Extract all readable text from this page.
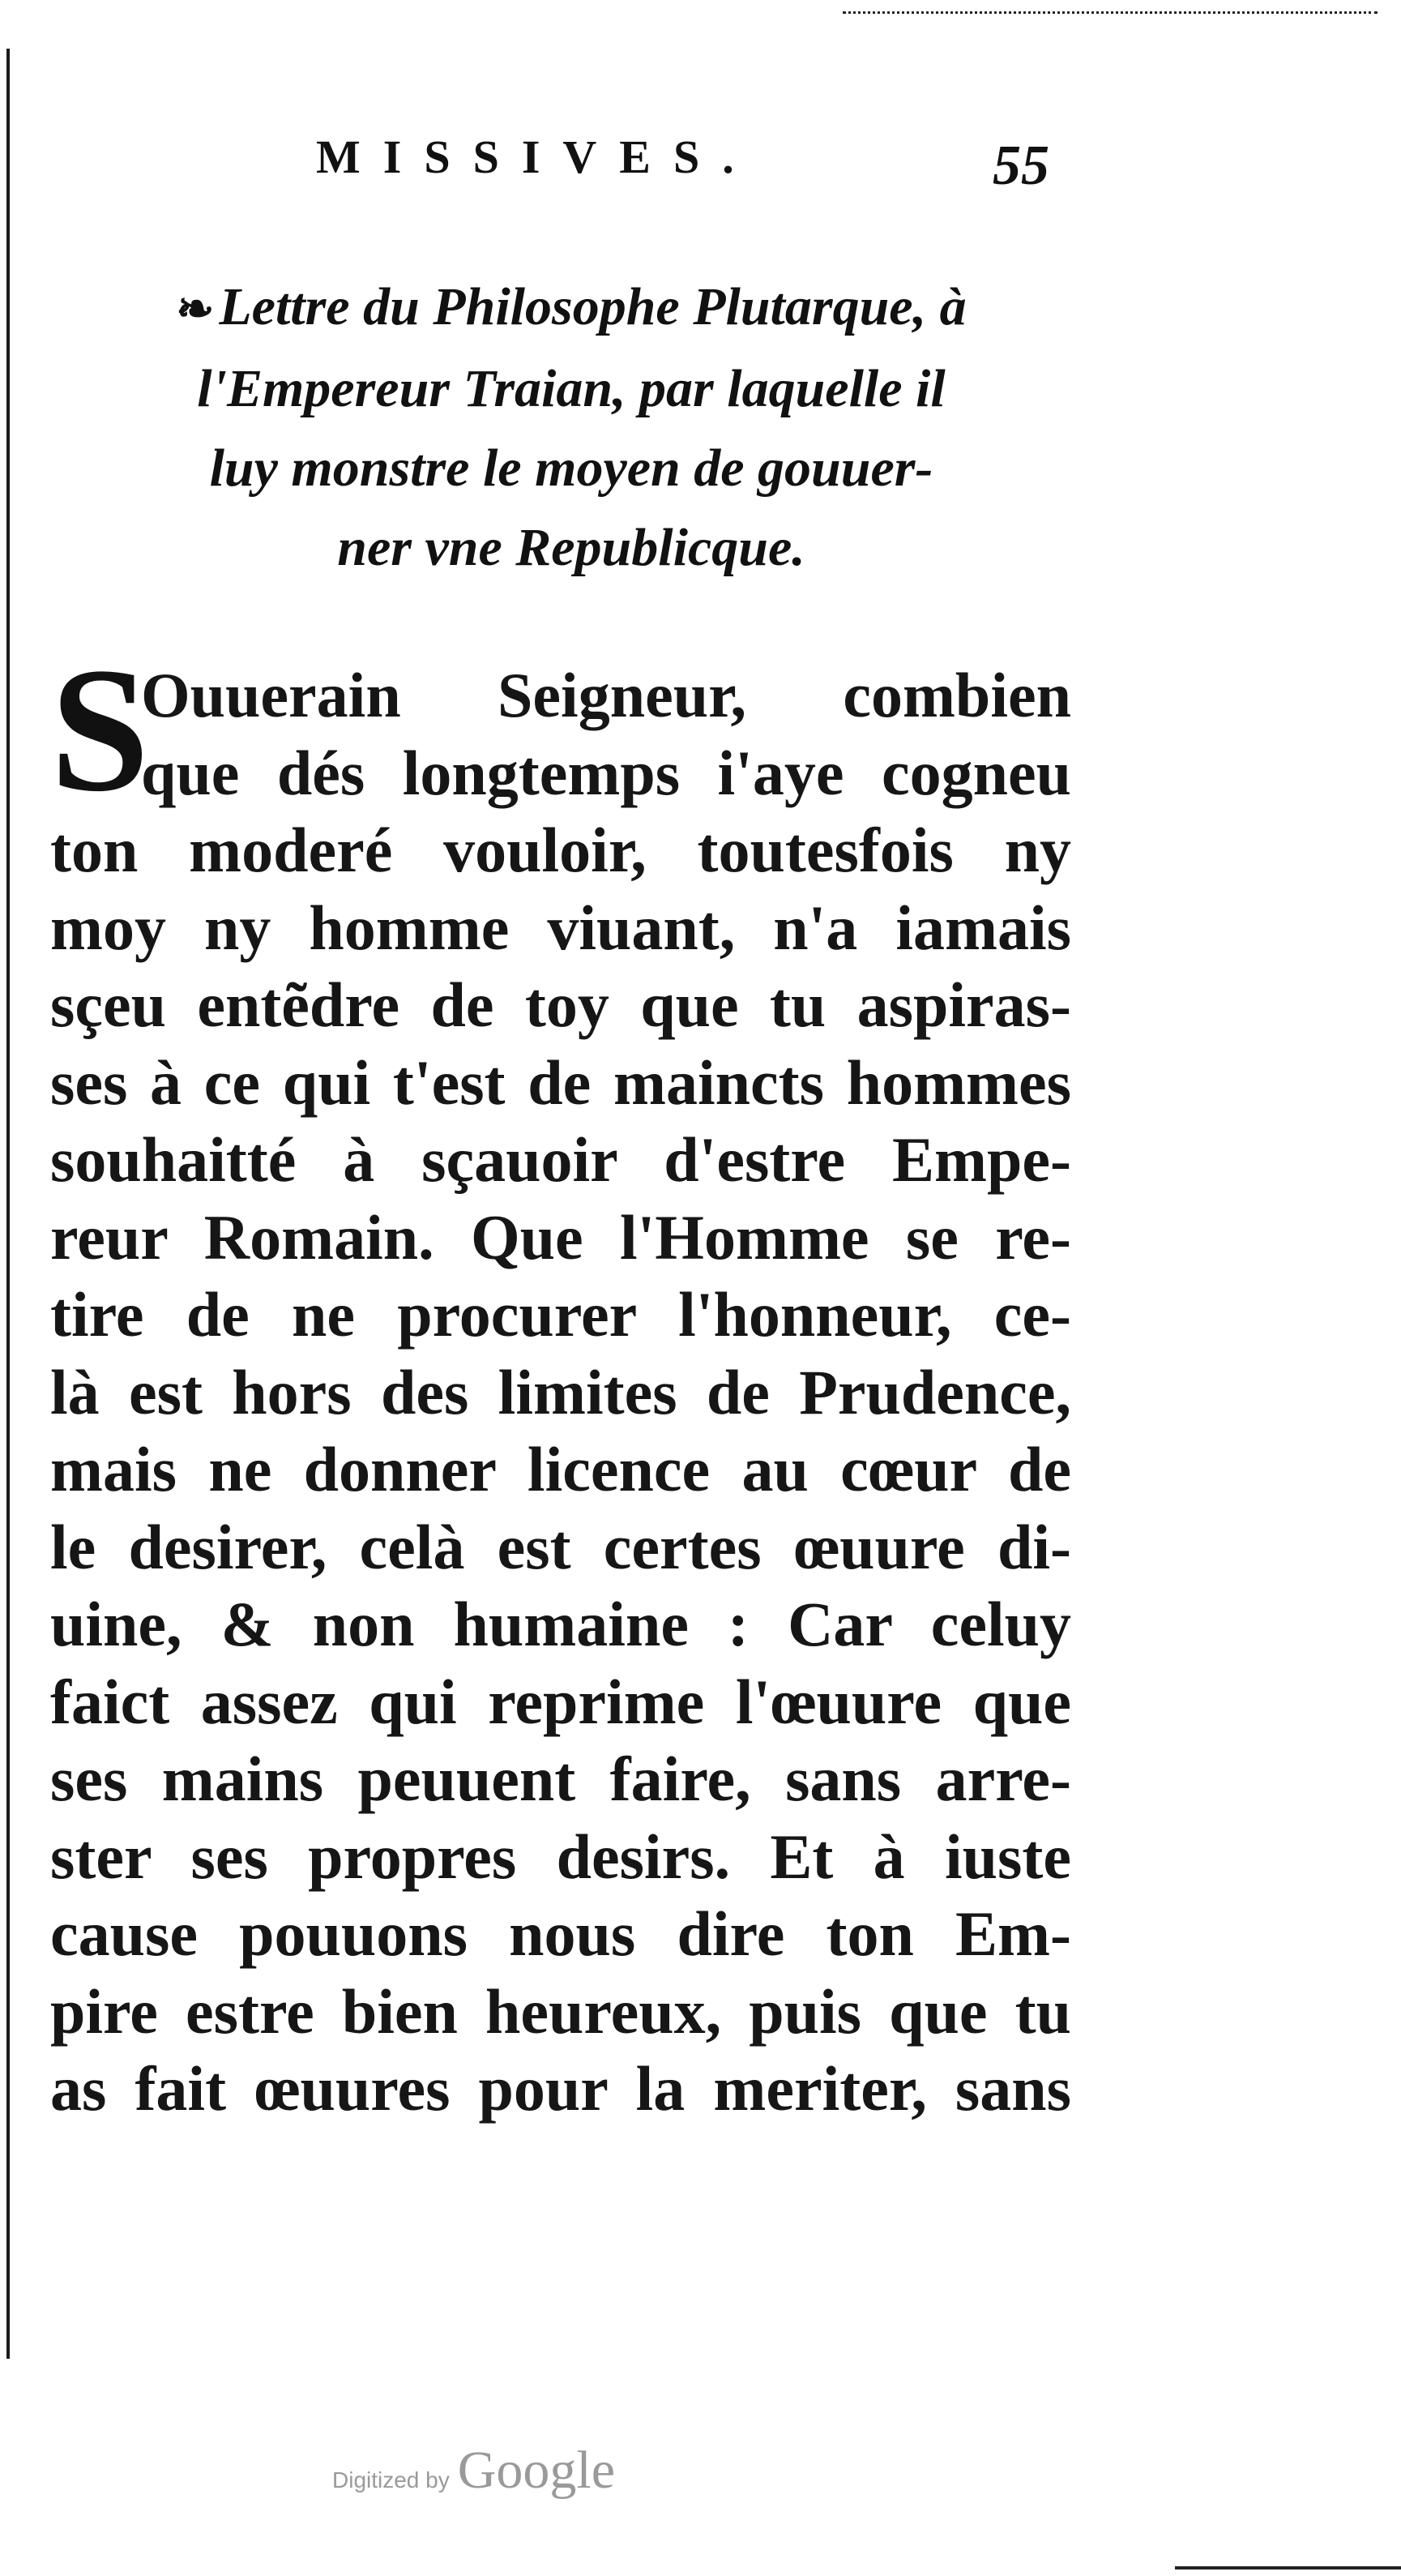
MISSIVES.	55
❧Lettre du Philosophe Plutarque, à
l'Empereur Traian, par laquelle il
luy monstre le moyen de gouuer-
ner vne Republicque.
S
Ouuerain Seigneur, combien
que dés longtemps i'aye cogneu
ton moderé vouloir, toutesfois ny
moy ny homme viuant, n'a iamais
sçeu entẽdre de toy que tu aspiras-
ses à ce qui t'est de maincts hommes
souhaitté à sçauoir d'estre Empe-
reur Romain. Que l'Homme se re-
tire de ne procurer l'honneur, ce-
là est hors des limites de Prudence,
mais ne donner licence au cœur de
le desirer, celà est certes œuure di-
uine, & non humaine : Car celuy
faict assez qui reprime l'œuure que
ses mains peuuent faire, sans arre-
ster ses propres desirs. Et à iuste
cause pouuons nous dire ton Em-
pire estre bien heureux, puis que tu
as fait œuures pour la meriter, sans
Digitized by Google
